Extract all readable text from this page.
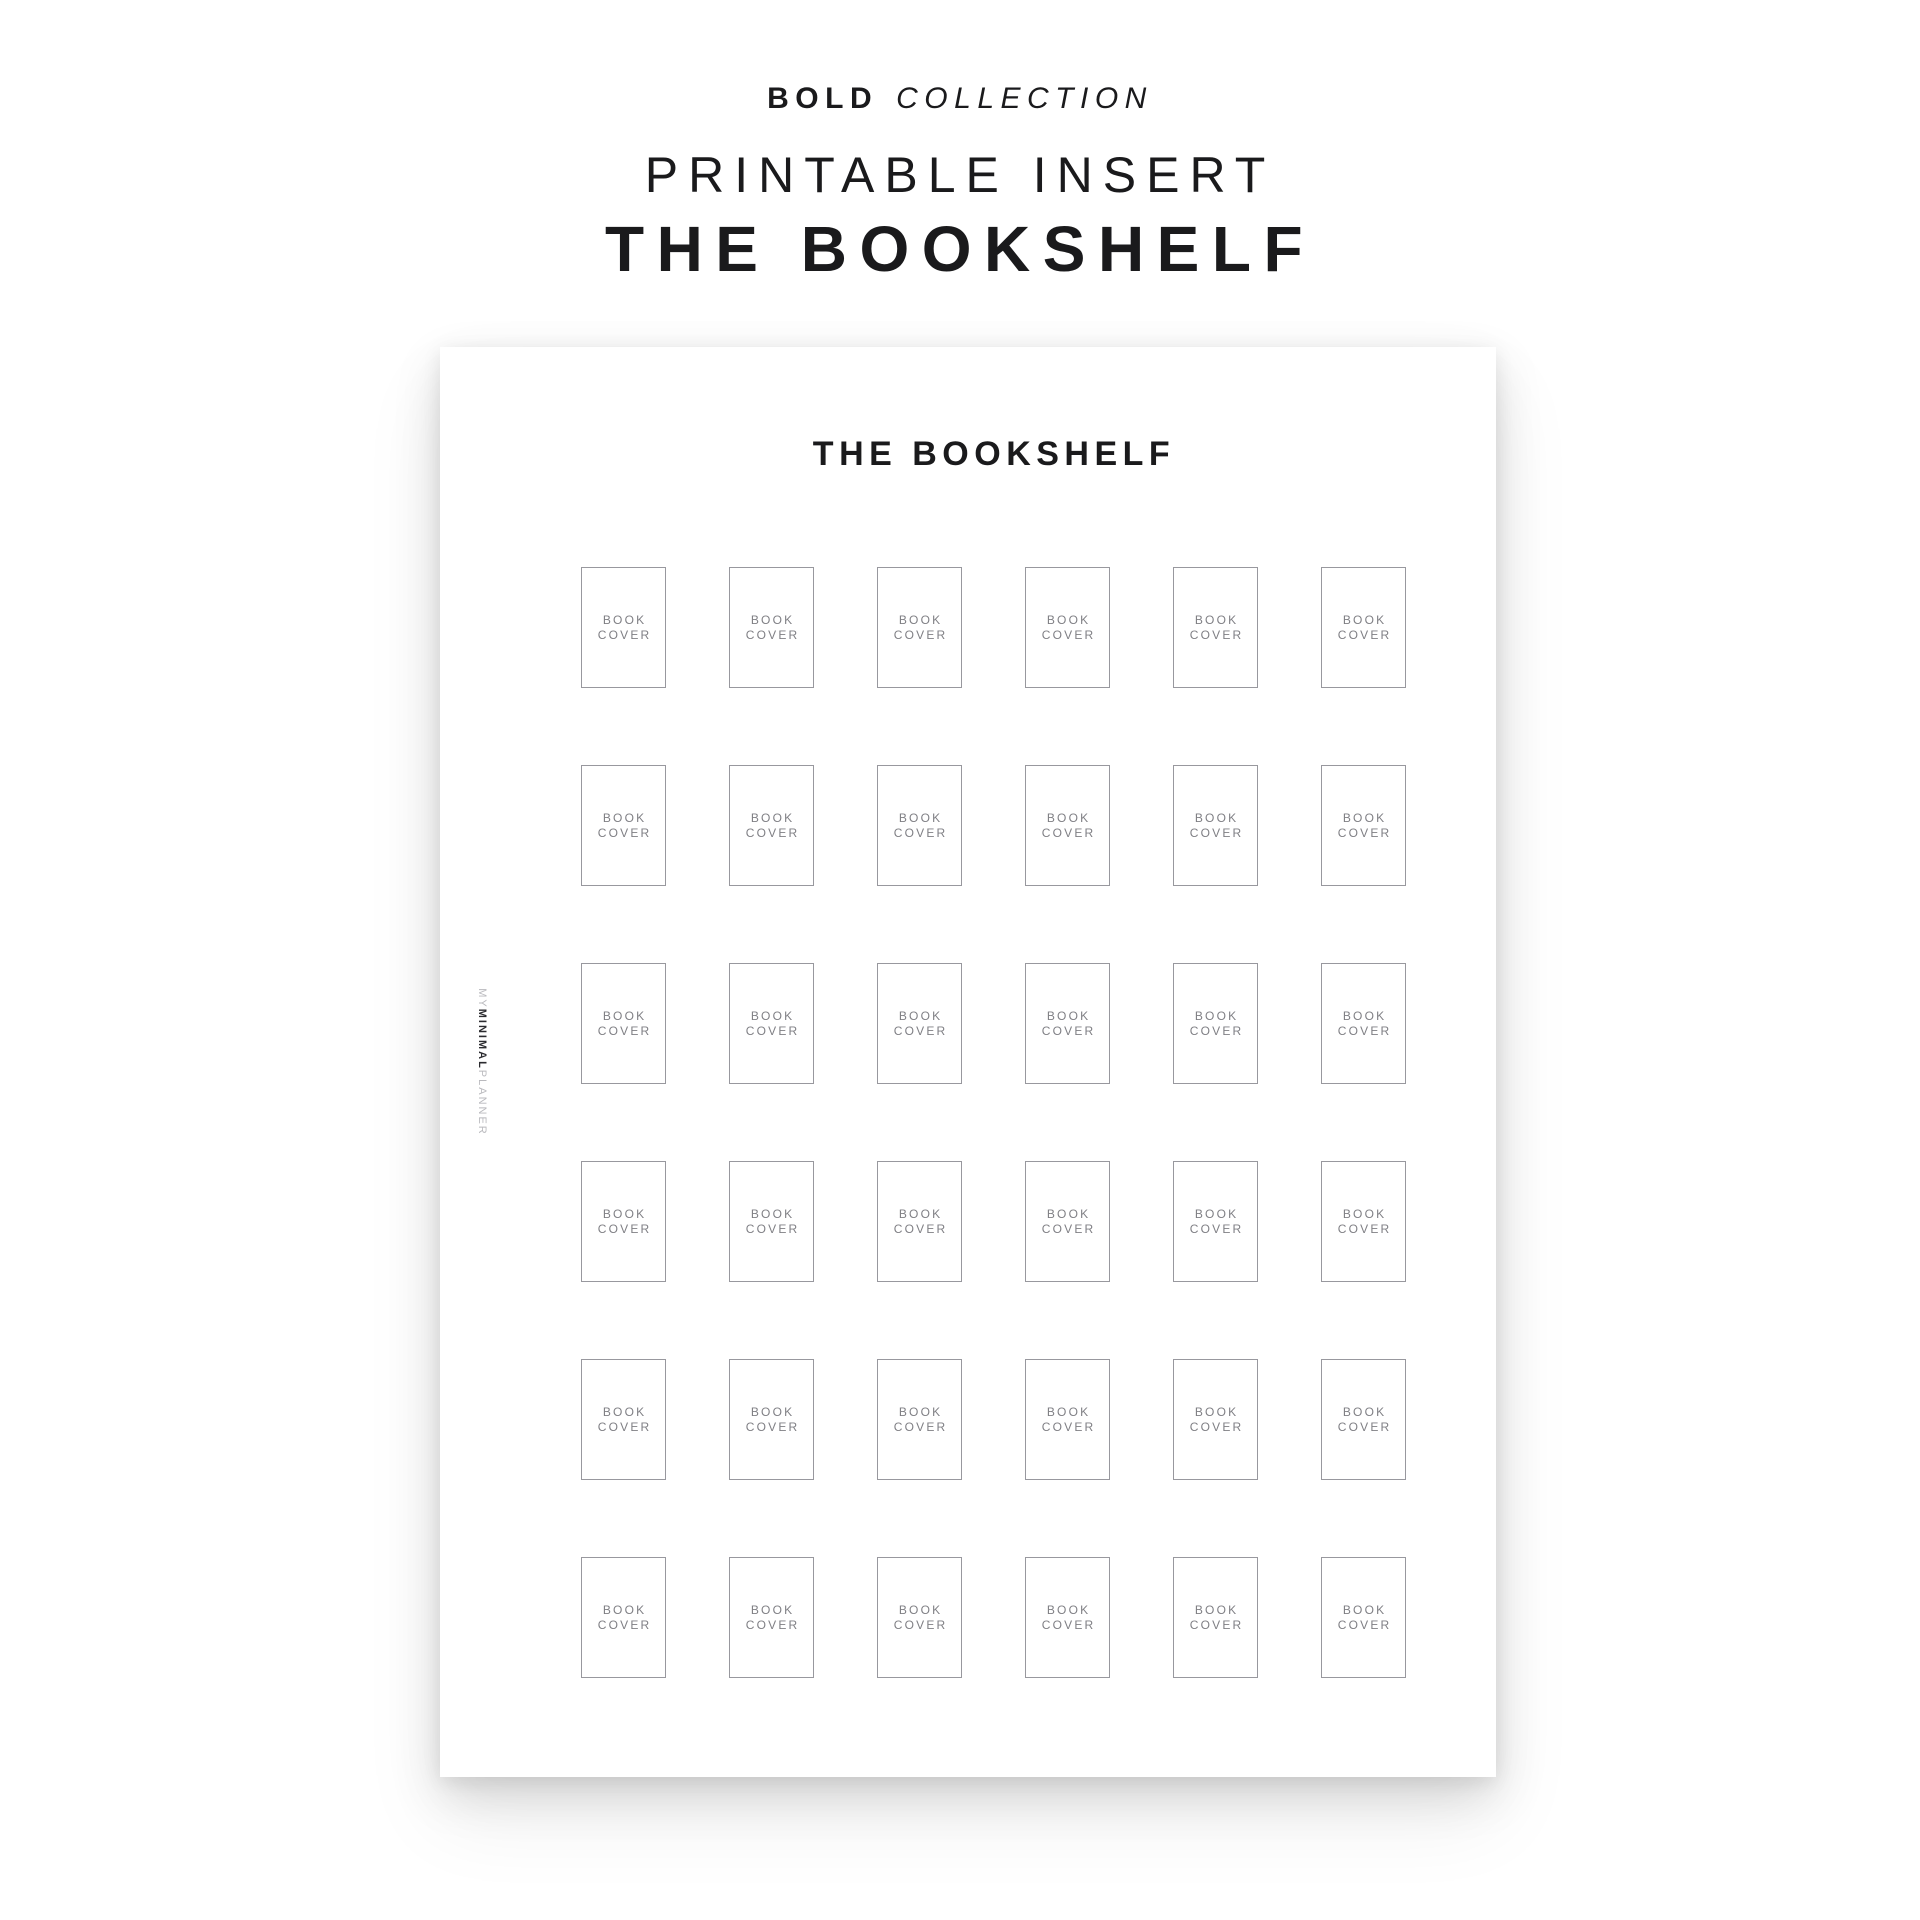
BOLD COLLECTION
PRINTABLE INSERT
THE BOOKSHELF
THE BOOKSHELF
MYMINIMALPLANNER
BOOK
COVER
BOOK
COVER
BOOK
COVER
BOOK
COVER
BOOK
COVER
BOOK
COVER
BOOK
COVER
BOOK
COVER
BOOK
COVER
BOOK
COVER
BOOK
COVER
BOOK
COVER
BOOK
COVER
BOOK
COVER
BOOK
COVER
BOOK
COVER
BOOK
COVER
BOOK
COVER
BOOK
COVER
BOOK
COVER
BOOK
COVER
BOOK
COVER
BOOK
COVER
BOOK
COVER
BOOK
COVER
BOOK
COVER
BOOK
COVER
BOOK
COVER
BOOK
COVER
BOOK
COVER
BOOK
COVER
BOOK
COVER
BOOK
COVER
BOOK
COVER
BOOK
COVER
BOOK
COVER
